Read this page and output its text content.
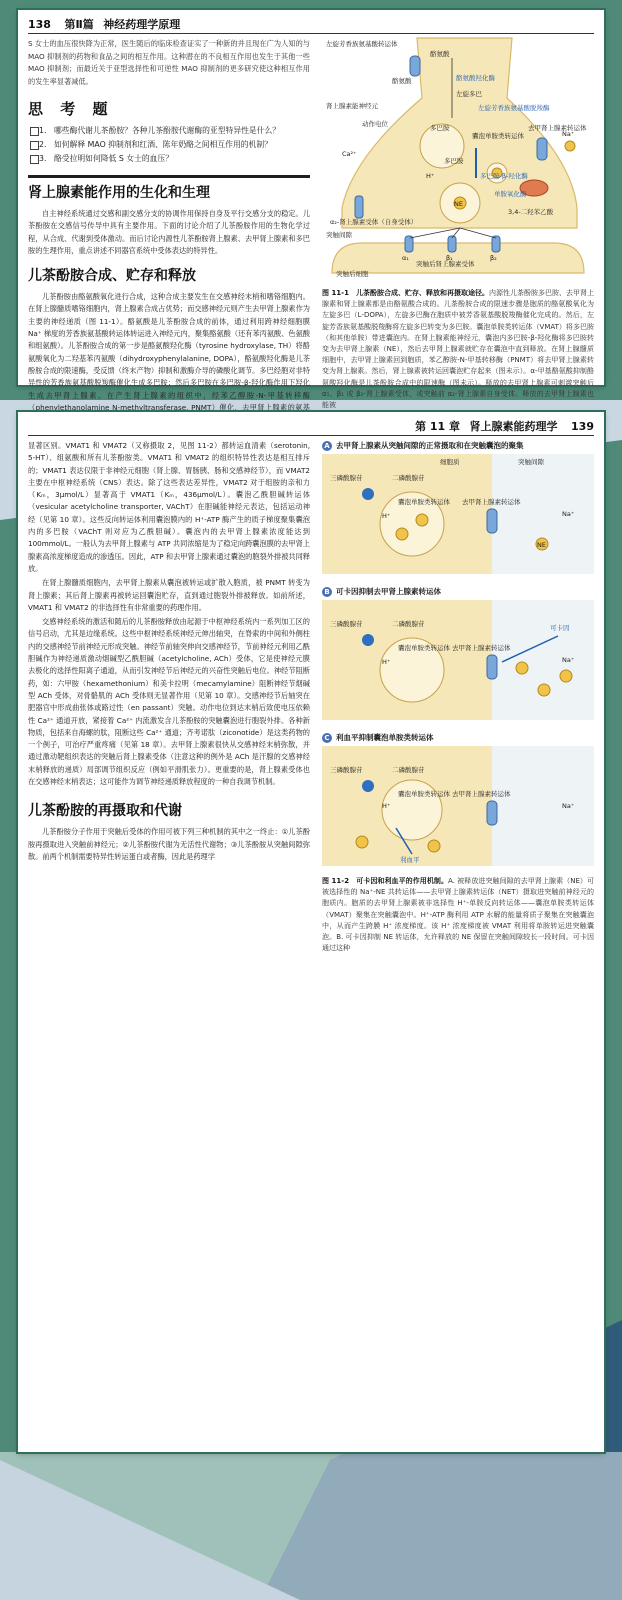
138 第Ⅱ篇 神经药理学原理

S 女士的血压很快降为正常，医生随后的临床检查证实了一种新的并且现在广为人知的与 MAO 抑制剂的药物和食品之间的相互作用。这种潜在的不良相互作用也发生于其他一些 MAO 抑制剂；而最近关于亚型选择性和可逆性 MAO 抑制剂的更多研究使这种相互作用的发生率显著减低。

思 考 题
1. 哪些酶代谢儿茶酚胺？各种儿茶酚胺代谢酶的亚型特异性是什么？
2. 如何解释 MAO 抑制剂和红酒、陈年奶酪之间相互作用的机制？
3. 酪受拉明如何降低 S 女士的血压？
肾上腺素能作用的生化和生理

自主神经系统通过交感和副交感分支的协调作用保持自身及平行交感分支的稳定。儿茶酚胺在交感信号传导中具有主要作用。下面的讨论介绍了儿茶酚胺作用的生物化学过程，从合成、代谢到受体激动。而后讨论内源性儿茶酚胺肾上腺素、去甲肾上腺素和多巴胺的生理作用，重点讲述不同器官系统中受体表达的特异性。

儿茶酚胺合成、贮存和释放

儿茶酚胺由酪氨酸氧化进行合成，这种合成主要发生在交感神经末梢和嗜铬细胞内。在肾上腺髓质嗜铬细胞内，肾上腺素合成占优势；而交感神经元则产生去甲肾上腺素作为主要的神经递质（图 11-1）。酪氨酸是儿茶酚胺合成的前体，通过利用跨神经细胞膜 Na⁺ 梯度的芳香族氨基酸转运体转运进入神经元内，聚集酪氨酸（还有苯丙氨酸、色氨酸和组氨酸）。儿茶酚胺合成的第一步是酪氨酸羟化酶（tyrosine hydroxylase, TH）将酪氨酸氧化为二羟基苯丙氨酸（dihydroxyphenylalanine, DOPA），酪氨酸羟化酶是儿茶酚胺合成的限速酶，受反馈（终末产物）抑制和激酶介导的磷酸化调节。多巴经胞对非特异性的芳香族氨基酸脱羧酶催化生成多巴胺；然后多巴胺在多巴胺-β-羟化酶作用下羟化生成去甲肾上腺素。在产生肾上腺素的组织中，经苯乙醇胺-N-甲基转移酶（phenylethanolamine N-methyltransferase, PNMT）催化，去甲肾上腺素的氨基

左旋芳香族氨基酸转运体
酪氨酸
酪氨酸	酪氨酸羟化酶
左旋多巴
左旋芳香族氨基酸脱羧酶
肾上腺素能神经元
动作电位	多巴胺
多巴胺
囊泡单胺类转运体
去甲肾上腺素转运体
多巴胺-β-羟化酶
单胺氧化酶
3,4-二羟苯乙酸
α₂-肾上腺素受体（自身受体）
突触间隙
突触后肾上腺素受体
突触后细胞
Ca²⁺
Na⁺
H⁺
NE
α₁	β₁	β₂
图 11-1　儿茶酚胺合成、贮存、释放和再摄取途径。内源性儿茶酚胺多巴胺、去甲肾上腺素和肾上腺素都是由酪氨酸合成的。儿茶酚胺合成的限速步骤是胞质的酪氨酸氧化为左旋多巴（L-DOPA），左旋多巴酶在胞质中被芳香氨基酸脱羧酶催化完成的。然后，左旋芳香族氨基酸脱羧酶将左旋多巴转变为多巴胺。囊泡单胺类转运体（VMAT）将多巴胺（和其他单胺）带进囊泡内。在肾上腺素能神经元，囊泡内多巴胺-β-羟化酶将多巴胺转变为去甲肾上腺素（NE），然后去甲肾上腺素就贮存在囊泡中直到释放。在肾上腺髓质细胞中，去甲肾上腺素回到胞质，苯乙醇胺-N-甲基转移酶（PNMT）将去甲肾上腺素转变为肾上腺素。然后，肾上腺素被转运回囊泡贮存起来（图未示）。α-甲基酪氨酸抑制酪氨酸羟化酶是儿茶酚胺合成中的限速酶（图未示）。释放的去甲肾上腺素可刺激突触后 α₁、β₁ 或 β₂-肾上腺素受体，或突触前 α₂-肾上腺素自身受体。释放的去甲肾上腺素也能被
第 11 章 肾上腺素能药理学 139

显著区别。VMAT1 和 VMAT2（又称摄取 2，见图 11-2）都转运血清素（serotonin, 5-HT）、组氨酸和所有儿茶酚胺类。VMAT1 和 VMAT2 的组织特异性表达是相互排斥的；VMAT1 表达仅限于非神经元细胞（肾上腺、胃肠胰、肠和交感神经节），而 VMAT2 主要在中枢神经系统（CNS）表达。除了这些表达差异性，VMAT2 对于组胺的亲和力（Kₘ，3μmol/L）显著高于 VMAT1（Kₘ，436μmol/L）。囊泡乙酰胆碱转运体（vesicular acetylcholine transporter, VAChT）在胆碱能神经元表达，包括运动神经（见第 10 章）。这些反向转运体利用囊泡膜内的 H⁺-ATP 酶产生的质子梯度聚集囊泡内的多巴胺（VAChT 则对应为乙酰胆碱）。囊泡内的去甲肾上腺素浓度能达到 100mmol/L。一般认为去甲肾上腺素与 ATP 共同浓缩是为了稳定向跨囊泡膜的去甲肾上腺素高浓度梯度造成的渗透压。因此，ATP 和去甲肾上腺素通过囊泡的胞裂外排被共同释放。

在肾上腺髓质细胞内，去甲肾上腺素从囊泡被转运或扩散入胞质，被 PNMT 转变为肾上腺素；其后肾上腺素再被转运回囊泡贮存，直到通过胞裂外排被释放。如前所述，VMAT1 和 VMAT2 的非选择性有非常重要的药理作用。

交感神经系统的激活和随后的儿茶酚胺释放由起源于中枢神经系统内一系列加工区的信号启动，尤其是边缘系统。这些中枢神经系统神经元伸出轴突，在脊索的中间和外侧柱内的交感神经节前神经元形成突触。神经节前轴突伸向交感神经节，节前神经元利用乙酰胆碱作为神经递质激动烟碱型乙酰胆碱（acetylcholine, ACh）受体，它是使神经元膜去极化的选择性阳离子通道，从而引发神经节后神经元的兴奋性突触后电位。神经节阻断药，如：六甲胺（hexamethonium）和美卡拉明（mecamylamine）阻断神经节烟碱型 ACh 受体，对骨骼肌的 ACh 受体则无显著作用（见第 10 章）。交感神经节后轴突在肥器官中形成曲张体或路过性（en passant）突触。动作电位到达末梢后致使电压依赖性 Ca²⁺ 通道开放，紧接着 Ca²⁺ 内流激发含儿茶酚胺的突触囊泡进行胞裂外排。各种新物质，包括来自海螺的肽，阻断这些 Ca²⁺ 通道；齐考诺肽（ziconotide）是这类药物的一个例子，可治疗严重疼痛（见第 18 章）。去甲肾上腺素很快从交感神经末梢弥散，并通过激动靶组织表达的突触后肾上腺素受体（注意这种的例外是 ACh 是汗腺的交感神经末梢释放的递质）局部调节组织反应（例如平滑肌张力）。更重要的是，肾上腺素受体也在交感神经末梢表达；这可能作为调节神经递质释放程度的一种自我调节机制。

儿茶酚胺的再摄取和代谢

儿茶酚胺分子作用于突触后受体的作用可被下列三种机制的其中之一终止：①儿茶酚胺再摄取进入突触前神经元；②儿茶酚胺代谢为无活性代谢物；③儿茶酚胺从突触间隙弥散。前两个机制需要特异性转运蛋白或者酶，因此是药理学

A 去甲肾上腺素从突触间隙的正常摄取和在突触囊泡的聚集
细胞质	突触间隙
三磷酸腺苷	二磷酸腺苷
囊泡单胺类转运体 去甲肾上腺素转运体
H⁺	Na⁺
NE
B 可卡因抑制去甲肾上腺素转运体
三磷酸腺苷	二磷酸腺苷
囊泡单胺类转运体 去甲肾上腺素转运体
可卡因
H⁺	Na⁺
C 利血平抑制囊泡单胺类转运体
三磷酸腺苷	二磷酸腺苷
囊泡单胺类转运体 去甲肾上腺素转运体
利血平
H⁺	Na⁺
图 11-2　可卡因和利血平的作用机制。A. 被释放进突触间隙的去甲肾上腺素（NE）可被选择性的 Na⁺-NE 共转运体——去甲肾上腺素转运体（NET）摄取进突触前神经元的胞质内。胞质的去甲肾上腺素被非选择性 H⁺-单胺反向转运体——囊泡单胺类转运体（VMAT）聚集在突触囊泡中。H⁺-ATP 酶利用 ATP 水解的能量将质子聚集在突触囊泡中，从而产生跨膜 H⁺ 浓度梯度。该 H⁺ 浓度梯度被 VMAT 利用将单胺转运进突触囊泡。B. 可卡因抑制 NE 转运体，允许释放的 NE 保留在突触间隙较长一段时间。可卡因通过这种
